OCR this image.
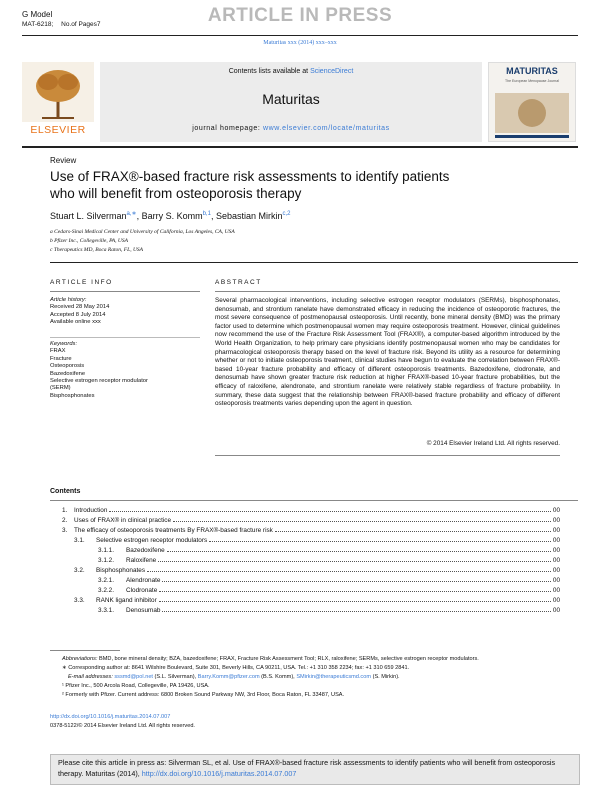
G Model
MAT-6218; No.of Pages7	ARTICLE IN PRESS
Maturitas xxx (2014) xxx–xxx
ELSEVIER
Contents lists available at ScienceDirect
Maturitas
journal homepage: www.elsevier.com/locate/maturitas
MATURITAS
The European Menopause Journal
Review
Use of FRAX®-based fracture risk assessments to identify patients
who will benefit from osteoporosis therapy
Stuart L. Silverman$^{a,∗}$, Barry S. Komm$^{b,1}$, Sebastian Mirkin$^{c,2}$
a Cedars-Sinai Medical Center and University of California, Los Angeles, CA, USA
b Pfizer Inc., Collegeville, PA, USA
c Therapeutics MD, Boca Raton, FL, USA
ARTICLE INFO
Article history:
Received 28 May 2014
Accepted 8 July 2014
Available online xxx
Keywords:
FRAX
Fracture
Osteoporosis
Bazedoxifene
Selective estrogen receptor modulator
(SERM)
Bisphosphonates
ABSTRACT
Several pharmacological interventions, including selective estrogen receptor modulators (SERMs), bisphosphonates, denosumab, and strontium ranelate have demonstrated efficacy in reducing the incidence of osteoporotic fractures, the most severe consequence of postmenopausal osteoporosis. Until recently, bone mineral density (BMD) was the primary factor used to determine which postmenopausal women may require osteoporosis treatment. However, clinical guidelines now recommend the use of the Fracture Risk Assessment Tool (FRAX®), a computer-based algorithm introduced by the World Health Organization, to help primary care physicians identify postmenopausal women who may be candidates for pharmacological osteoporosis therapy based on the level of fracture risk. Beyond its utility as a resource for determining whether or not to initiate osteoporosis treatment, clinical studies have begun to evaluate the correlation between FRAX®-based 10-year fracture probability and efficacy of different osteoporosis treatments. Bazedoxifene, clodronate, and denosumab have shown greater fracture risk reduction at higher FRAX®-based 10-year fracture probabilities, but the efficacy of raloxifene, alendronate, and strontium ranelate were relatively stable regardless of fracture probability. In summary, these data suggest that the relationship between FRAX®-based fracture probability and efficacy of different osteoporosis treatments varies depending upon the agent in question.
© 2014 Elsevier Ireland Ltd. All rights reserved.
Contents
1.	Introduction	00
2.	Uses of FRAX® in clinical practice	00
3.	The efficacy of osteoporosis treatments By FRAX®-based fracture risk	00
3.1.	Selective estrogen receptor modulators	00
3.1.1.	Bazedoxifene	00
3.1.2.	Raloxifene	00
3.2.	Bisphosphonates	00
3.2.1.	Alendronate	00
3.2.2.	Clodronate	00
3.3.	RANK ligand inhibitor	00
3.3.1.	Denosumab	00
Abbreviations: BMD, bone mineral density; BZA, bazedoxifene; FRAX, Fracture Risk Assessment Tool; RLX, raloxifene; SERMs, selective estrogen receptor modulators.
∗ Corresponding author at: 8641 Wilshire Boulevard, Suite 301, Beverly Hills, CA 90211, USA. Tel.: +1 310 358 2234; fax: +1 310 659 2841.
E-mail addresses: sssmd@pol.net (S.L. Silverman), Barry.Komm@pfizer.com (B.S. Komm), SMirkin@therapeuticsmd.com (S. Mirkin).
¹ Pfizer Inc., 500 Arcola Road, Collegeville, PA 19426, USA.
² Formerly with Pfizer. Current address: 6800 Broken Sound Parkway NW, 3rd Floor, Boca Raton, FL 33487, USA.
http://dx.doi.org/10.1016/j.maturitas.2014.07.007
0378-5122/© 2014 Elsevier Ireland Ltd. All rights reserved.
Please cite this article in press as: Silverman SL, et al. Use of FRAX®-based fracture risk assessments to identify patients who will benefit from osteoporosis therapy. Maturitas (2014), http://dx.doi.org/10.1016/j.maturitas.2014.07.007
